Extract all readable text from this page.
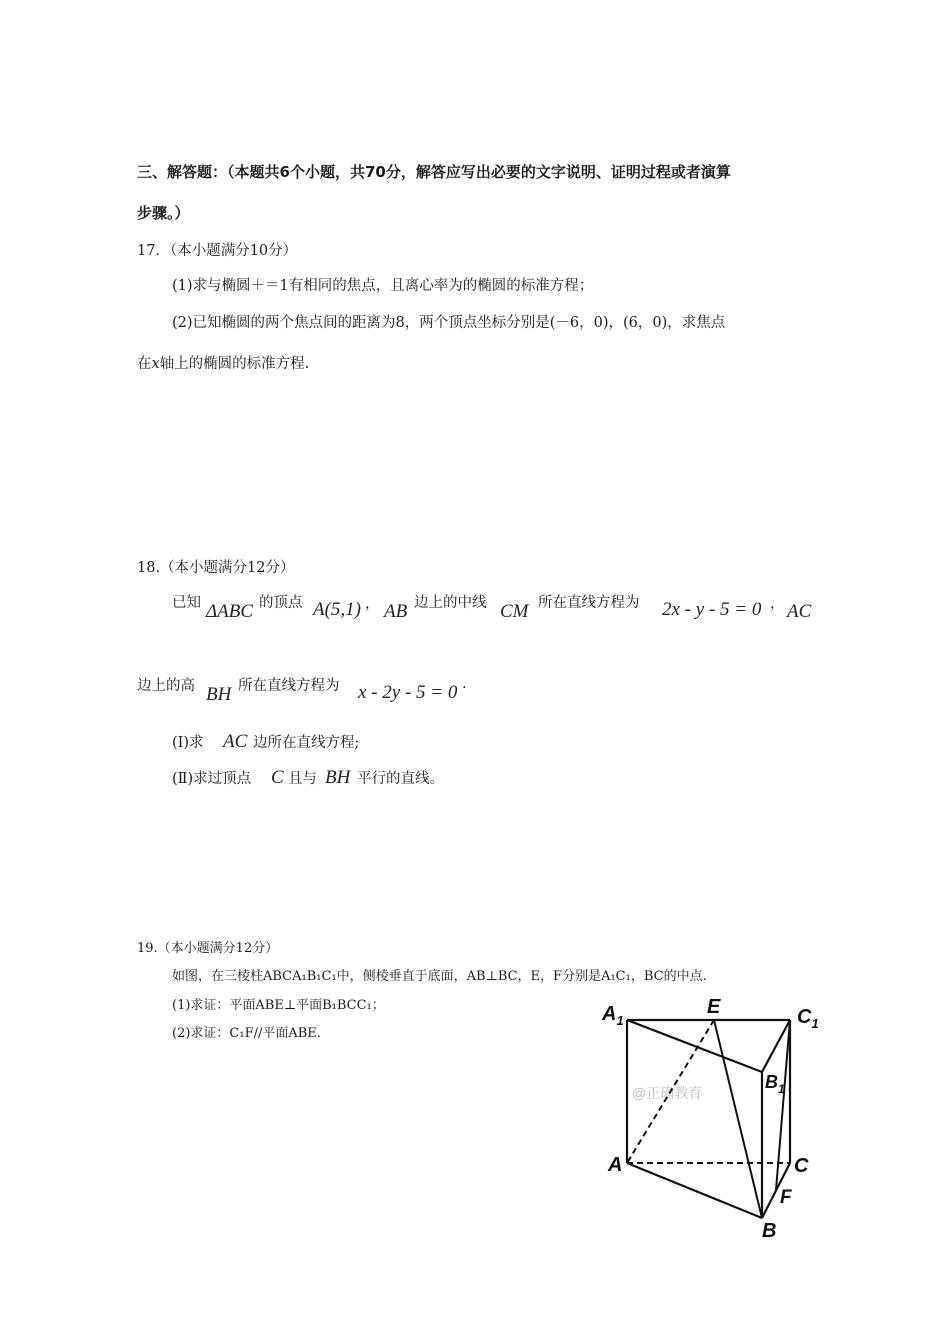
三、解答题：（本题共6个小题，共70分，解答应写出必要的文字说明、证明过程或者演算
步骤。）
17．（本小题满分10分）
(1)求与椭圆＋＝1有相同的焦点，且离心率为的椭圆的标准方程；
(2)已知椭圆的两个焦点间的距离为8，两个顶点坐标分别是(－6，0)，(6，0)，求焦点
在x轴上的椭圆的标准方程.
18.（本小题满分12分）
已知 ΔABC 的顶点 A(5,1) ， AB 边上的中线 CM 所在直线方程为 2x - y - 5 = 0 ， AC
边上的高 BH 所在直线方程为 x - 2y - 5 = 0 .
(Ⅰ)求 AC 边所在直线方程;
(Ⅱ)求过顶点 C 且与 BH 平行的直线。
19.（本小题满分12分）
如图，在三棱柱ABCA₁B₁C₁中，侧棱垂直于底面，AB⊥BC，E，F分别是A₁C₁，BC的中点.
(1)求证：平面ABE⊥平面B₁BCC₁；
(2)求证：C₁F//平面ABE.
@正确教育
$A_1$
E	$C_1$
$B_1$
A	C
F
B
